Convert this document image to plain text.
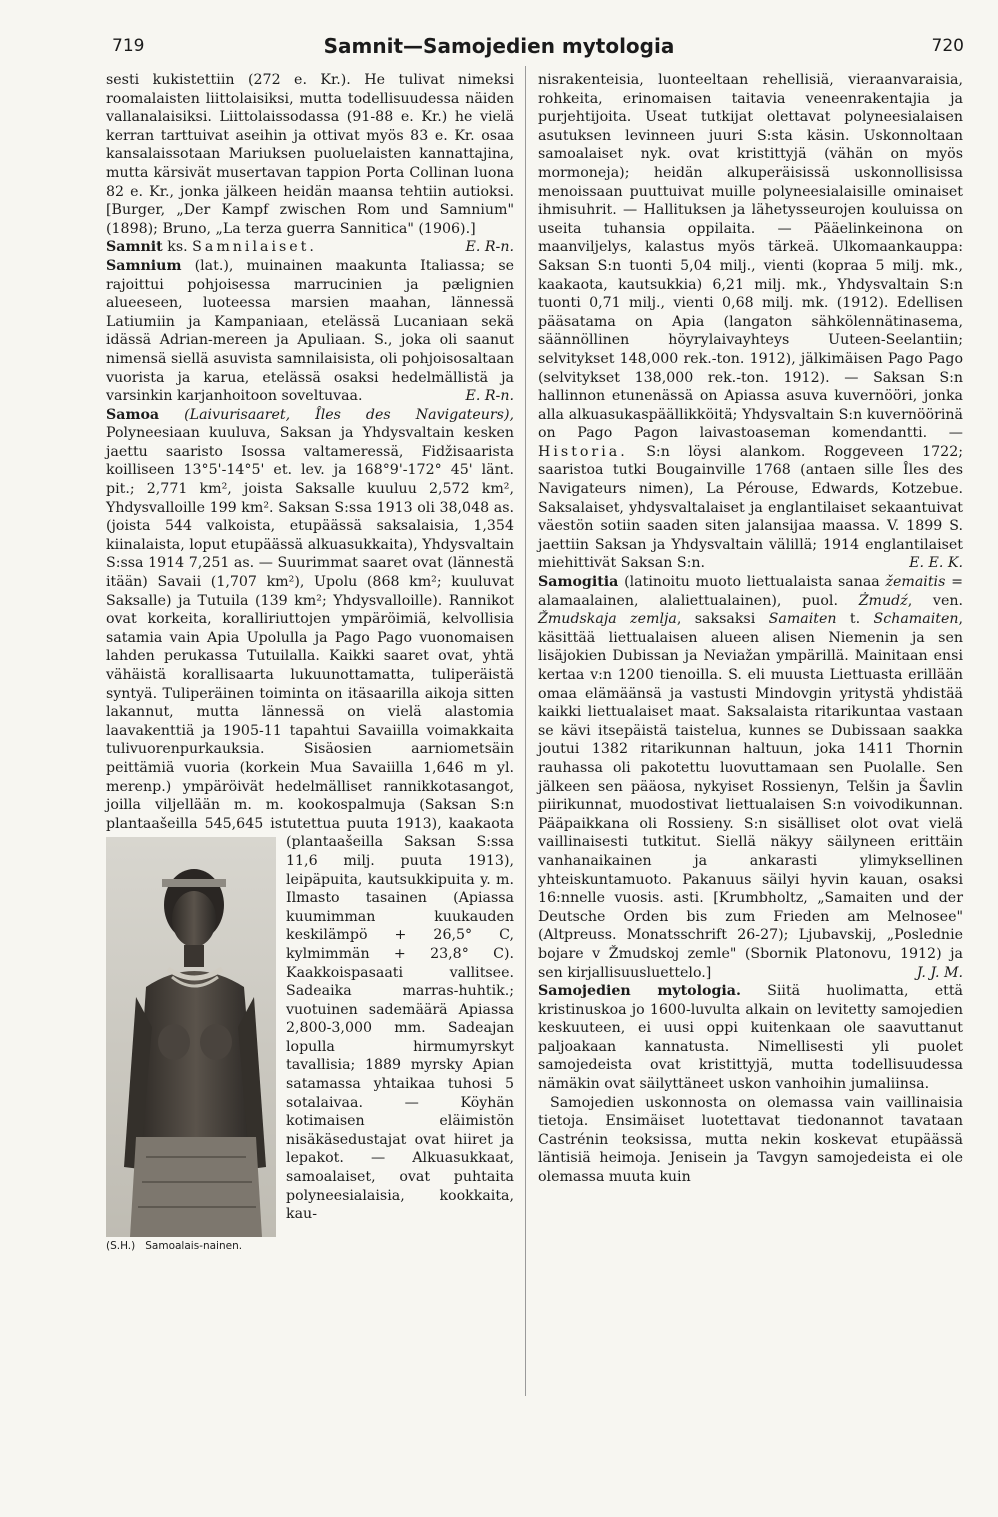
719	Samnit—Samojedien mytologia	720

sesti kukistettiin (272 e. Kr.). He tulivat nimeksi roomalaisten liittolaisiksi, mutta todellisuudessa näiden vallanalaisiksi. Liittolaissodassa (91-88 e. Kr.) he vielä kerran tarttuivat aseihin ja ottivat myös 83 e. Kr. osaa kansalaissotaan Mariuksen puoluelaisten kannattajina, mutta kärsivät musertavan tappion Porta Collinan luona 82 e. Kr., jonka jälkeen heidän maansa tehtiin autioksi. [Burger, „Der Kampf zwischen Rom und Samnium" (1898); Bruno, „La terza guerra Sannitica" (1906).]
E. R-n.

Samnit ks. Samnilaiset.

Samnium (lat.), muinainen maakunta Italiassa; se rajoittui pohjoisessa marrucinien ja pælignien alueeseen, luoteessa marsien maahan, lännessä Latiumiin ja Kampaniaan, etelässä Lucaniaan sekä idässä Adrian-mereen ja Apuliaan. S., joka oli saanut nimensä siellä asuvista samnilaisista, oli pohjoisosaltaan vuorista ja karua, etelässä osaksi hedelmällistä ja varsinkin karjanhoitoon soveltuvaa.	E. R-n.

Samoa (Laivurisaaret, Îles des Navigateurs), Polyneesiaan kuuluva, Saksan ja Yhdysvaltain kesken jaettu saaristo Isossa valtameressä, Fidžisaarista koilliseen 13°5'-14°5' et. lev. ja 168°9'-172° 45' länt. pit.; 2,771 km², joista Saksalle kuuluu 2,572 km², Yhdysvalloille 199 km². Saksan S:ssa 1913 oli 38,048 as. (joista 544 valkoista, etupäässä saksalaisia, 1,354 kiinalaista, loput etupäässä alkuasukkaita), Yhdysvaltain S:ssa 1914 7,251 as. — Suurimmat saaret ovat (lännestä itään) Savaii (1,707 km²), Upolu (868 km²; kuuluvat Saksalle) ja Tutuila (139 km²; Yhdysvalloille). Rannikot ovat korkeita, koralliriuttojen ympäröimiä, kelvollisia satamia vain Apia Upolulla ja Pago Pago vuonomaisen lahden perukassa Tutuilalla. Kaikki saaret ovat, yhtä vähäistä korallisaarta lukuunottamatta, tuliperäistä syntyä. Tuliperäinen toiminta on itäsaarilla aikoja sitten lakannut, mutta lännessä on vielä alastomia laavakenttiä ja 1905-11 tapahtui Savaiilla voimakkaita tulivuorenpurkauksia. Sisäosien aarniometsäin peittämiä vuoria (korkein Mua Savaiilla 1,646 m yl. merenp.) ympäröivät hedelmälliset rannikkotasangot, joilla viljellään m. m. kookospalmuja (Saksan S:n plantaašeilla 545,645 istutettua puuta 1913), kaakaota
(S.H.) Samoalais-nainen.
(plantaašeilla Saksan S:ssa 11,6 milj. puuta 1913), leipäpuita, kautsukkipuita y. m. Ilmasto tasainen (Apiassa kuumimman kuukauden keskilämpö + 26,5° C, kylmimmän + 23,8° C). Kaakkoispasaati vallitsee. Sadeaika marras-huhtik.; vuotuinen sademäärä Apiassa 2,800-3,000 mm. Sadeajan lopulla hirmumyrskyt tavallisia; 1889 myrsky Apian satamassa yhtaikaa tuhosi 5 sotalaivaa. — Köyhän kotimaisen eläimistön nisäkäsedustajat ovat hiiret ja lepakot. — Alkuasukkaat, samoalaiset, ovat puhtaita polyneesialaisia, kookkaita, kau-

nisrakenteisia, luonteeltaan rehellisiä, vieraanvaraisia, rohkeita, erinomaisen taitavia veneenrakentajia ja purjehtijoita. Useat tutkijat olettavat polyneesialaisen asutuksen levinneen juuri S:sta käsin. Uskonnoltaan samoalaiset nyk. ovat kristittyjä (vähän on myös mormoneja); heidän alkuperäisissä uskonnollisissa menoissaan puuttuivat muille polyneesialaisille ominaiset ihmisuhrit. — Hallituksen ja lähetysseurojen kouluissa on useita tuhansia oppilaita. — Pääelinkeinona on maanviljelys, kalastus myös tärkeä. Ulkomaankauppa: Saksan S:n tuonti 5,04 milj., vienti (kopraa 5 milj. mk., kaakaota, kautsukkia) 6,21 milj. mk., Yhdysvaltain S:n tuonti 0,71 milj., vienti 0,68 milj. mk. (1912). Edellisen pääsatama on Apia (langaton sähkölennätinasema, säännöllinen höyrylaivayhteys Uuteen-Seelantiin; selvitykset 148,000 rek.-ton. 1912), jälkimäisen Pago Pago (selvitykset 138,000 rek.-ton. 1912). — Saksan S:n hallinnon etunenässä on Apiassa asuva kuvernööri, jonka alla alkuasukaspäällikköitä; Yhdysvaltain S:n kuvernöörinä on Pago Pagon laivastoaseman komendantti. — Historia. S:n löysi alankom. Roggeveen 1722; saaristoa tutki Bougainville 1768 (antaen sille Îles des Navigateurs nimen), La Pérouse, Edwards, Kotzebue. Saksalaiset, yhdysvaltalaiset ja englantilaiset sekaantuivat väestön sotiin saaden siten jalansijaa maassa. V. 1899 S. jaettiin Saksan ja Yhdysvaltain välillä; 1914 englantilaiset miehittivät Saksan S:n.	E. E. K.

Samogitia (latinoitu muoto liettualaista sanaa žemaitis = alamaalainen, alaliettualainen), puol. Żmudź, ven. Žmudskaja zemlja, saksaksi Samaiten t. Schamaiten, käsittää liettualaisen alueen alisen Niemenin ja sen lisäjokien Dubissan ja Neviažan ympärillä. Mainitaan ensi kertaa v:n 1200 tienoilla. S. eli muusta Liettuasta erillään omaa elämäänsä ja vastusti Mindovgin yritystä yhdistää kaikki liettualaiset maat. Saksalaista ritarikuntaa vastaan se kävi itsepäistä taistelua, kunnes se Dubissaan saakka joutui 1382 ritarikunnan haltuun, joka 1411 Thornin rauhassa oli pakotettu luovuttamaan sen Puolalle. Sen jälkeen sen pääosa, nykyiset Rossienyn, Telšin ja Šavlin piirikunnat, muodostivat liettualaisen S:n voivodikunnan. Pääpaikkana oli Rossieny. S:n sisälliset olot ovat vielä vaillinaisesti tutkitut. Siellä näkyy säilyneen erittäin vanhanaikainen ja ankarasti ylimyksellinen yhteiskuntamuoto. Pakanuus säilyi hyvin kauan, osaksi 16:nnelle vuosis. asti. [Krumbholtz, „Samaiten und der Deutsche Orden bis zum Frieden am Melnosee" (Altpreuss. Monatsschrift 26-27); Ljubavskij, „Poslednie bojare v Žmudskoj zemle" (Sbornik Platonovu, 1912) ja sen kirjallisuusluettelo.]	J. J. M.

Samojedien mytologia. Siitä huolimatta, että kristinuskoa jo 1600-luvulta alkain on levitetty samojedien keskuuteen, ei uusi oppi kuitenkaan ole saavuttanut paljoakaan kannatusta. Nimellisesti yli puolet samojedeista ovat kristittyjä, mutta todellisuudessa nämäkin ovat säilyttäneet uskon vanhoihin jumaliinsa.

Samojedien uskonnosta on olemassa vain vaillinaisia tietoja. Ensimäiset luotettavat tiedonannot tavataan Castrénin teoksissa, mutta nekin koskevat etupäässä läntisiä heimoja. Jenisein ja Tavgyn samojedeista ei ole olemassa muuta kuin
